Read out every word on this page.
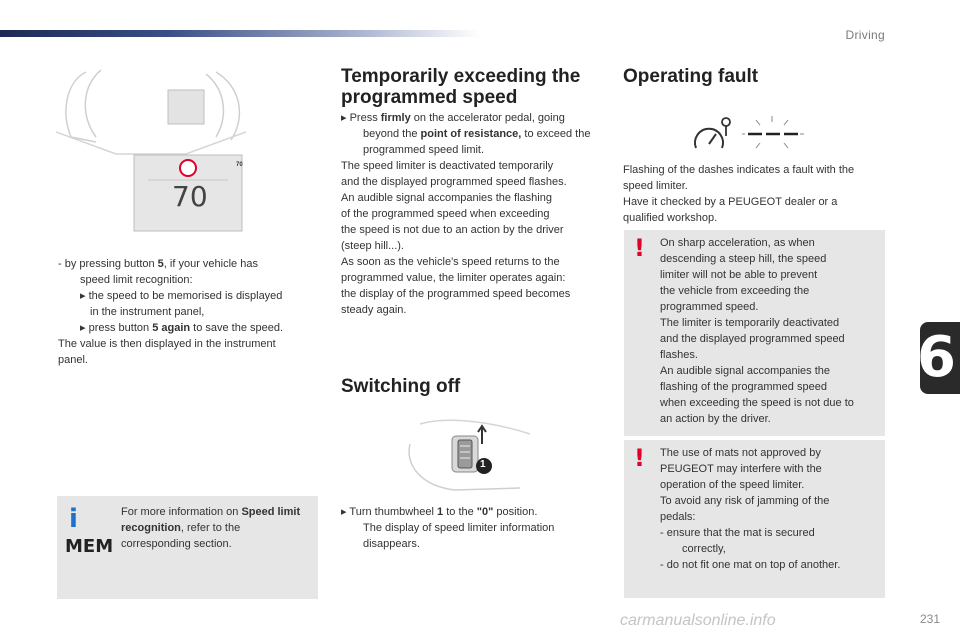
Driving
6
70
70

- by pressing button 5, if your vehicle has

speed limit recognition:

▸ the speed to be memorised is displayed

in the instrument panel,

▸ press button 5 again to save the speed.

The value is then displayed in the instrument

panel.

i
MEM
For more information on Speed limit recognition, refer to the corresponding section.
Temporarily exceeding the
programmed speed

▸ Press firmly on the accelerator pedal, going beyond the point of resistance, to exceed the programmed speed limit.

The speed limiter is deactivated temporarily

and the displayed programmed speed flashes.

An audible signal accompanies the flashing

of the programmed speed when exceeding

the speed is not due to an action by the driver

(steep hill...).

As soon as the vehicle's speed returns to the

programmed value, the limiter operates again:

the display of the programmed speed becomes

steady again.

Switching off
1

▸ Turn thumbwheel 1 to the "0" position.

The display of speed limiter information

disappears.

Operating fault

Flashing of the dashes indicates a fault with the

speed limiter.

Have it checked by a PEUGEOT dealer or a

qualified workshop.

! On sharp acceleration, as when

descending a steep hill, the speed

limiter will not be able to prevent

the vehicle from exceeding the

programmed speed.

The limiter is temporarily deactivated

and the displayed programmed speed

flashes.

An audible signal accompanies the

flashing of the programmed speed

when exceeding the speed is not due to

an action by the driver.

! The use of mats not approved by

PEUGEOT may interfere with the

operation of the speed limiter.

To avoid any risk of jamming of the

pedals:

- ensure that the mat is secured

correctly,

- do not fit one mat on top of another.

231
carmanualsonline.info
